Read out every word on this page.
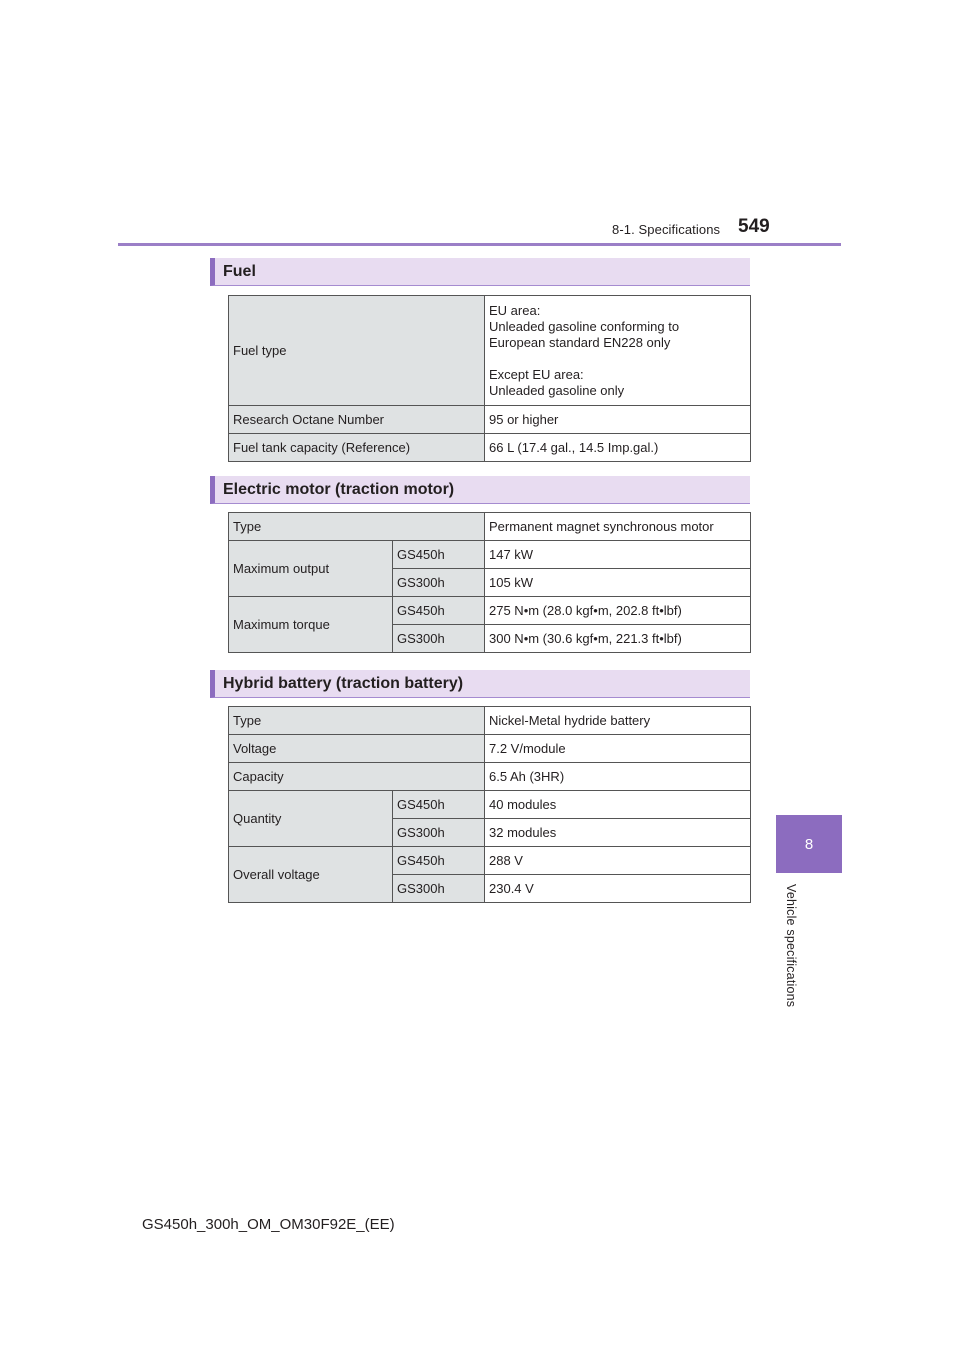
8-1. Specifications 549
8
Vehicle specifications
Fuel
Fuel type	EU area:
Unleaded gasoline conforming to
European standard EN228 only
Except EU area:
Unleaded gasoline only

Research Octane Number	95 or higher
Fuel tank capacity (Reference)	66 L (17.4 gal., 14.5 Imp.gal.)
Electric motor (traction motor)
Type		Permanent magnet synchronous motor
Maximum output	GS450h	147 kW
	GS300h	105 kW
Maximum torque	GS450h	275 N•m (28.0 kgf•m, 202.8 ft•lbf)
	GS300h	300 N•m (30.6 kgf•m, 221.3 ft•lbf)
Hybrid battery (traction battery)
Type		Nickel-Metal hydride battery
Voltage		7.2 V/module
Capacity		6.5 Ah (3HR)
Quantity	GS450h	40 modules
	GS300h	32 modules
Overall voltage	GS450h	288 V
	GS300h	230.4 V
GS450h_300h_OM_OM30F92E_(EE)
